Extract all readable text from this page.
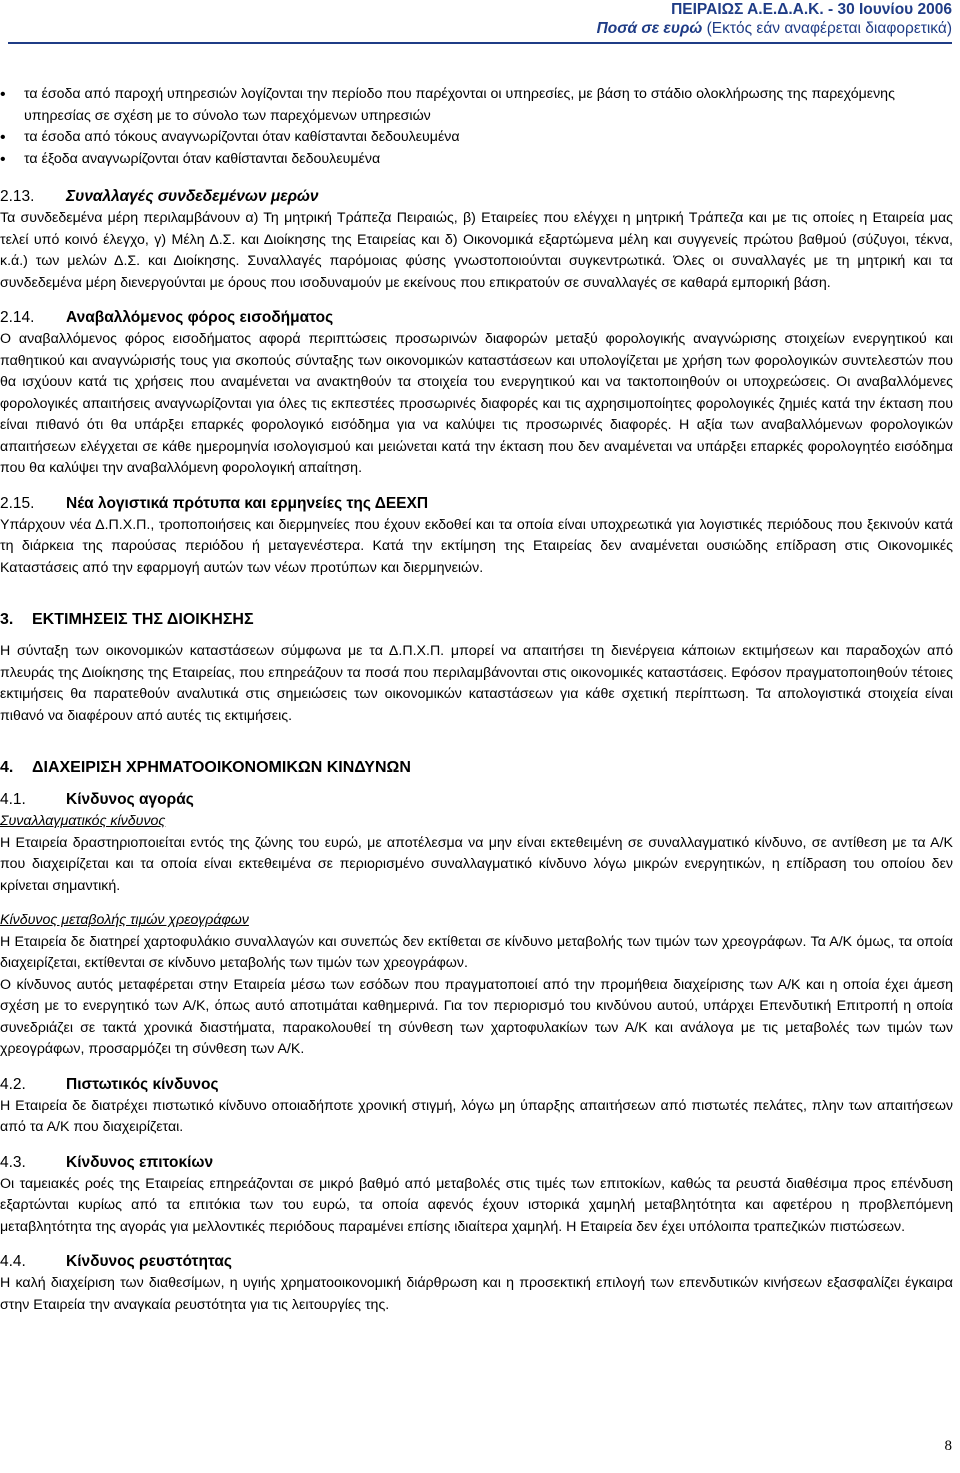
ΠΕΙΡΑΙΩΣ Α.Ε.Δ.Α.Κ. - 30 Ιουνίου 2006
Ποσά σε ευρώ (Εκτός εάν αναφέρεται διαφορετικά)
• τα έσοδα από παροχή υπηρεσιών λογίζονται την περίοδο που παρέχονται οι υπηρεσίες, με βάση το στάδιο ολοκλήρωσης της παρεχόμενης υπηρεσίας σε σχέση με το σύνολο των παρεχόμενων υπηρεσιών
• τα έσοδα από τόκους αναγνωρίζονται όταν καθίστανται δεδουλευμένα
• τα έξοδα αναγνωρίζονται όταν καθίστανται δεδουλευμένα
2.13. Συναλλαγές συνδεδεμένων μερών

Τα συνδεδεμένα μέρη περιλαμβάνουν α) Τη μητρική Τράπεζα Πειραιώς, β) Εταιρείες που ελέγχει η μητρική Τράπεζα και με τις οποίες η Εταιρεία μας τελεί υπό κοινό έλεγχο, γ) Μέλη Δ.Σ. και Διοίκησης της Εταιρείας και δ) Οικονομικά εξαρτώμενα μέλη και συγγενείς πρώτου βαθμού (σύζυγοι, τέκνα, κ.ά.) των μελών Δ.Σ. και Διοίκησης. Συναλλαγές παρόμοιας φύσης γνωστοποιούνται συγκεντρωτικά. Όλες οι συναλλαγές με τη μητρική και τα συνδεδεμένα μέρη διενεργούνται με όρους που ισοδυναμούν με εκείνους που επικρατούν σε συναλλαγές σε καθαρά εμπορική βάση.

2.14. Αναβαλλόμενος φόρος εισοδήματος

Ο αναβαλλόμενος φόρος εισοδήματος αφορά περιπτώσεις προσωρινών διαφορών μεταξύ φορολογικής αναγνώρισης στοιχείων ενεργητικού και παθητικού και αναγνώρισής τους για σκοπούς σύνταξης των οικονομικών καταστάσεων και υπολογίζεται με χρήση των φορολογικών συντελεστών που θα ισχύουν κατά τις χρήσεις που αναμένεται να ανακτηθούν τα στοιχεία του ενεργητικού και να τακτοποιηθούν οι υποχρεώσεις. Οι αναβαλλόμενες φορολογικές απαιτήσεις αναγνωρίζονται για όλες τις εκπεστέες προσωρινές διαφορές και τις αχρησιμοποίητες φορολογικές ζημιές κατά την έκταση που είναι πιθανό ότι θα υπάρξει επαρκές φορολογικό εισόδημα για να καλύψει τις προσωρινές διαφορές. Η αξία των αναβαλλόμενων φορολογικών απαιτήσεων ελέγχεται σε κάθε ημερομηνία ισολογισμού και μειώνεται κατά την έκταση που δεν αναμένεται να υπάρξει επαρκές φορολογητέο εισόδημα που θα καλύψει την αναβαλλόμενη φορολογική απαίτηση.

2.15. Νέα λογιστικά πρότυπα και ερμηνείες της ΔΕΕΧΠ

Υπάρχουν νέα Δ.Π.Χ.Π., τροποποιήσεις και διερμηνείες που έχουν εκδοθεί και τα οποία είναι υποχρεωτικά για λογιστικές περιόδους που ξεκινούν κατά τη διάρκεια της παρούσας περιόδου ή μεταγενέστερα. Κατά την εκτίμηση της Εταιρείας δεν αναμένεται ουσιώδης επίδραση στις Οικονομικές Καταστάσεις από την εφαρμογή αυτών των νέων προτύπων και διερμηνειών.

3. ΕΚΤΙΜΗΣΕΙΣ ΤΗΣ ΔΙΟΙΚΗΣΗΣ

Η σύνταξη των οικονομικών καταστάσεων σύμφωνα με τα Δ.Π.Χ.Π. μπορεί να απαιτήσει τη διενέργεια κάποιων εκτιμήσεων και παραδοχών από πλευράς της Διοίκησης της Εταιρείας, που επηρεάζουν τα ποσά που περιλαμβάνονται στις οικονομικές καταστάσεις. Εφόσον πραγματοποιηθούν τέτοιες εκτιμήσεις θα παρατεθούν αναλυτικά στις σημειώσεις των οικονομικών καταστάσεων για κάθε σχετική περίπτωση. Τα απολογιστικά στοιχεία είναι πιθανό να διαφέρουν από αυτές τις εκτιμήσεις.

4. ΔΙΑΧΕΙΡΙΣΗ ΧΡΗΜΑΤΟΟΙΚΟΝΟΜΙΚΩΝ ΚΙΝΔΥΝΩΝ
4.1.	Κίνδυνος αγοράς
Συναλλαγματικός κίνδυνος

Η Εταιρεία δραστηριοποιείται εντός της ζώνης του ευρώ, με αποτέλεσμα να μην είναι εκτεθειμένη σε συναλλαγματικό κίνδυνο, σε αντίθεση με τα Α/Κ που διαχειρίζεται και τα οποία είναι εκτεθειμένα σε περιορισμένο συναλλαγματικό κίνδυνο λόγω μικρών ενεργητικών, η επίδραση του οποίου δεν κρίνεται σημαντική.

Κίνδυνος μεταβολής τιμών χρεογράφων

Η Εταιρεία δε διατηρεί χαρτοφυλάκιο συναλλαγών και συνεπώς δεν εκτίθεται σε κίνδυνο μεταβολής των τιμών των χρεογράφων. Τα Α/Κ όμως, τα οποία διαχειρίζεται, εκτίθενται σε κίνδυνο μεταβολής των τιμών των χρεογράφων.

Ο κίνδυνος αυτός μεταφέρεται στην Εταιρεία μέσω των εσόδων που πραγματοποιεί από την προμήθεια διαχείρισης των Α/Κ και η οποία έχει άμεση σχέση με το ενεργητικό των Α/Κ, όπως αυτό αποτιμάται καθημερινά. Για τον περιορισμό του κινδύνου αυτού, υπάρχει Επενδυτική Επιτροπή η οποία συνεδριάζει σε τακτά χρονικά διαστήματα, παρακολουθεί τη σύνθεση των χαρτοφυλακίων των Α/Κ και ανάλογα με τις μεταβολές των τιμών των χρεογράφων, προσαρμόζει τη σύνθεση των Α/Κ.

4.2.	Πιστωτικός κίνδυνος

Η Εταιρεία δε διατρέχει πιστωτικό κίνδυνο οποιαδήποτε χρονική στιγμή, λόγω μη ύπαρξης απαιτήσεων από πιστωτές πελάτες, πλην των απαιτήσεων από τα Α/Κ που διαχειρίζεται.

4.3.	Κίνδυνος επιτοκίων

Οι ταμειακές ροές της Εταιρείας επηρεάζονται σε μικρό βαθμό από μεταβολές στις τιμές των επιτοκίων, καθώς τα ρευστά διαθέσιμα προς επένδυση εξαρτώνται κυρίως από τα επιτόκια των του ευρώ, τα οποία αφενός έχουν ιστορικά χαμηλή μεταβλητότητα και αφετέρου η προβλεπόμενη μεταβλητότητα της αγοράς για μελλοντικές περιόδους παραμένει επίσης ιδιαίτερα χαμηλή. Η Εταιρεία δεν έχει υπόλοιπα τραπεζικών πιστώσεων.

4.4.	Κίνδυνος ρευστότητας

Η καλή διαχείριση των διαθεσίμων, η υγιής χρηματοοικονομική διάρθρωση και η προσεκτική επιλογή των επενδυτικών κινήσεων εξασφαλίζει έγκαιρα στην Εταιρεία την αναγκαία ρευστότητα για τις λειτουργίες της.

8
